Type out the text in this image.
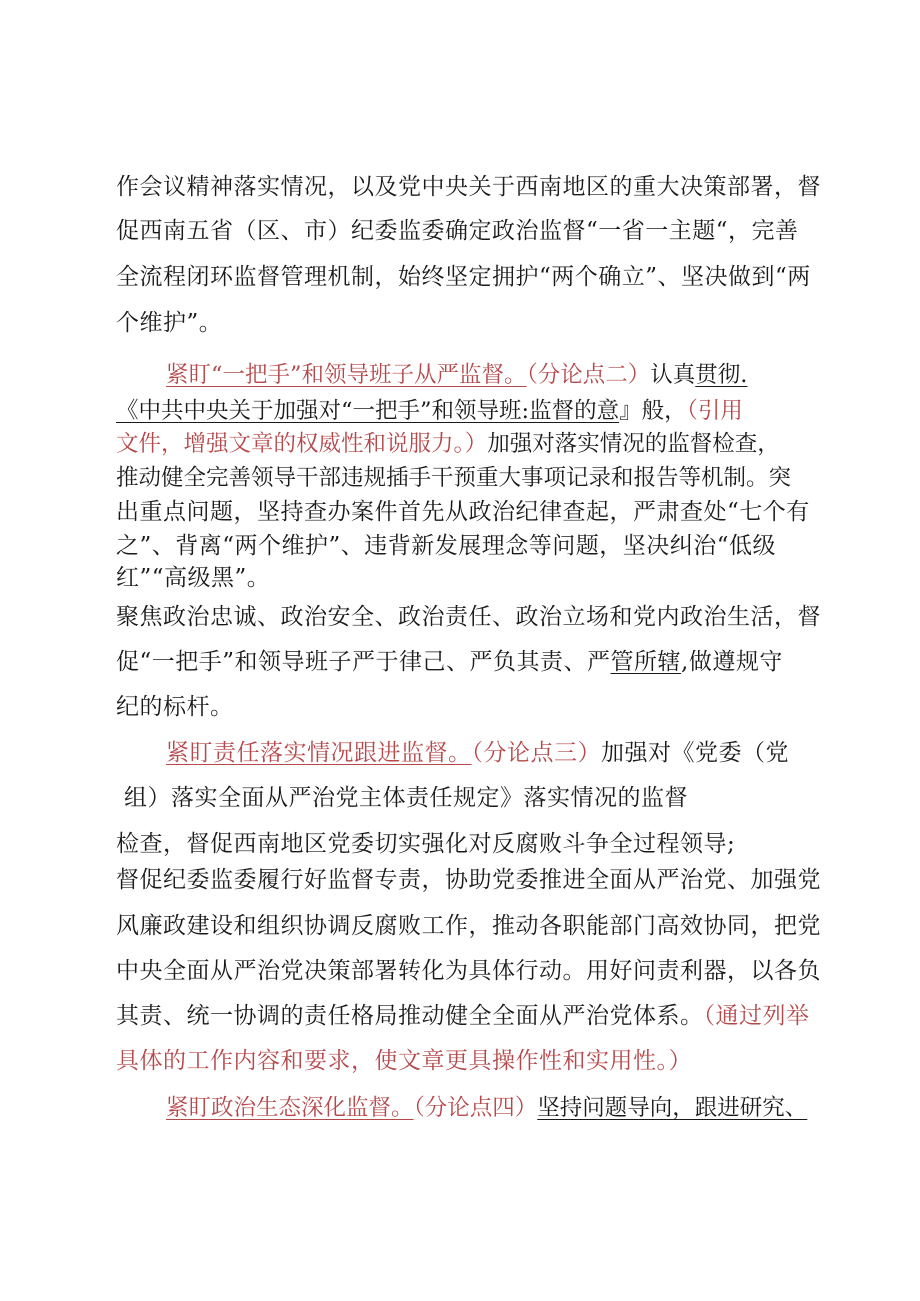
作会议精神落实情况，以及党中央关于西南地区的重大决策部署，督
促西南五省（区、市）纪委监委确定政治监督“一省一主题“，完善
全流程闭环监督管理机制，始终坚定拥护“两个确立”、坚决做到“两
个维护”。
紧盯“一把手”和领导班子从严监督。（分论点二）认真贯彻.
《中共中央关于加强对“一把手”和领导班:监督的意』般，（引用
文件，增强文章的权威性和说服力。）加强对落实情况的监督检查，
推动健全完善领导干部违规插手干预重大事项记录和报告等机制。突
出重点问题，坚持查办案件首先从政治纪律查起，严肃查处“七个有
之”、背离“两个维护”、违背新发展理念等问题，坚决纠治“低级
红”“高级黑”。
聚焦政治忠诚、政治安全、政治责任、政治立场和党内政治生活，督
促“一把手”和领导班子严于律己、严负其责、严管所辖,做遵规守
纪的标杆。
紧盯责任落实情况跟进监督。（分论点三）加强对《党委（党
组）落实全面从严治党主体责任规定》落实情况的监督
检查，督促西南地区党委切实强化对反腐败斗争全过程领导;
督促纪委监委履行好监督专责，协助党委推进全面从严治党、加强党
风廉政建设和组织协调反腐败工作，推动各职能部门高效协同，把党
中央全面从严治党决策部署转化为具体行动。用好问责利器，以各负
其责、统一协调的责任格局推动健全全面从严治党体系。（通过列举
具体的工作内容和要求，使文章更具操作性和实用性。）
紧盯政治生态深化监督。（分论点四）坚持问题导向，跟进研究、
